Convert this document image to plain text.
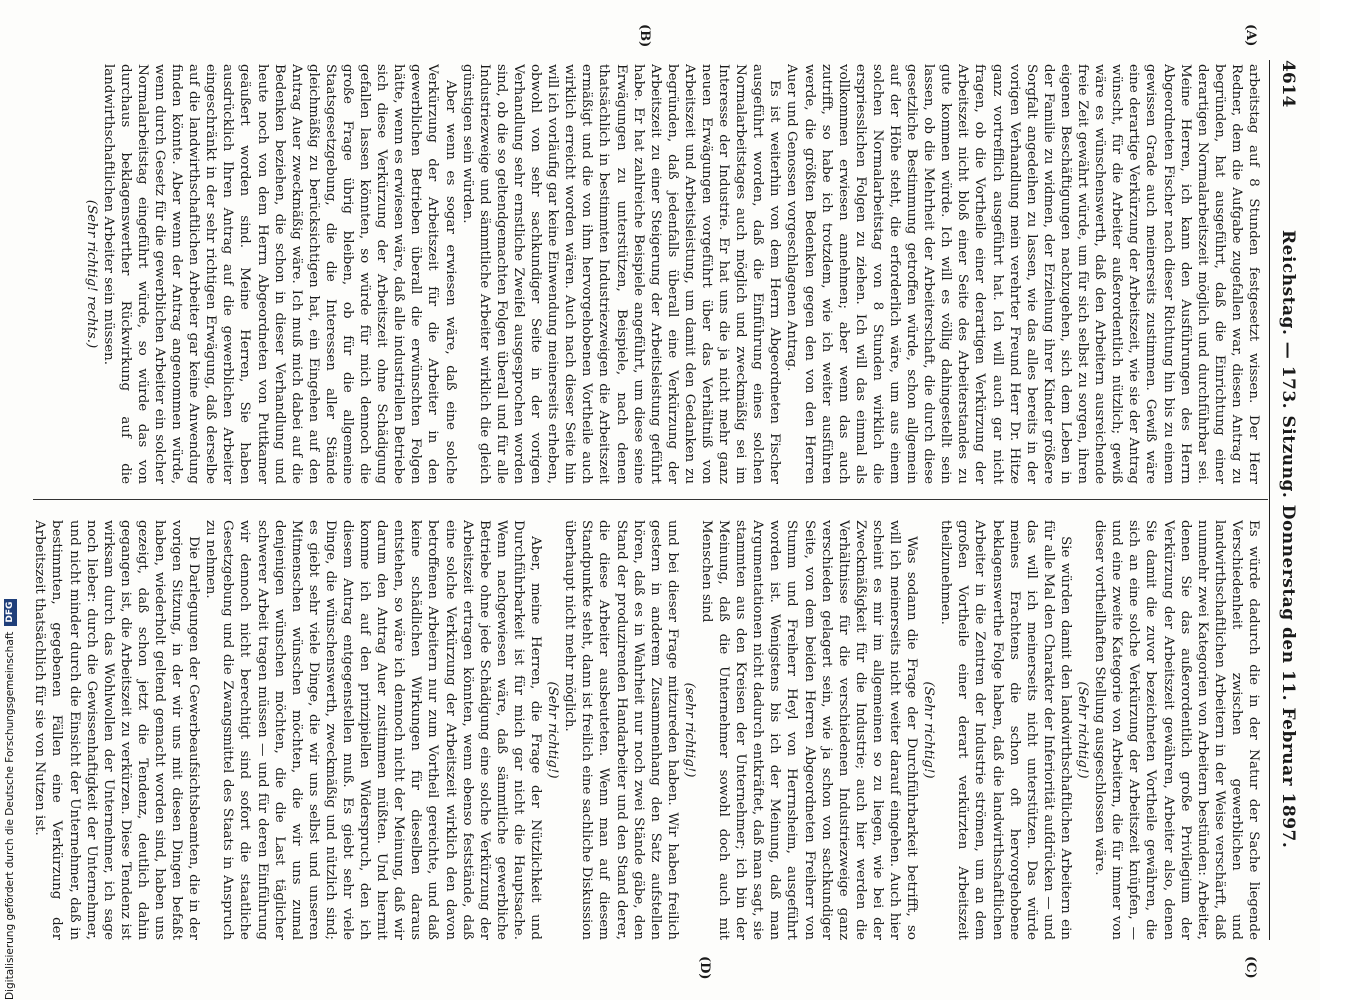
4614
Reichstag. — 173. Sitzung. Donnerstag den 11. Februar 1897.
(A)
(B)
(C)
(D)

arbeitstag auf 8 Stunden festgesetzt wissen. Der Herr Redner, dem die Aufgabe zugefallen war, diesen Antrag zu begründen, hat ausgeführt, daß die Einrichtung einer derartigen Normalarbeitszeit möglich und durchführbar sei. Meine Herren, ich kann den Ausführungen des Herrn Abgeordneten Fischer nach dieser Richtung hin bis zu einem gewissen Grade auch meinerseits zustimmen. Gewiß wäre eine derartige Verkürzung der Arbeitszeit, wie sie der Antrag wünscht, für die Arbeiter außerordentlich nützlich; gewiß wäre es wünschenswerth, daß den Arbeitern ausreichende freie Zeit gewährt würde, um für sich selbst zu sorgen, ihren eigenen Beschäftigungen nachzugehen, sich dem Leben in der Familie zu widmen, der Erziehung ihrer Kinder größere Sorgfalt angedeihen zu lassen, wie das alles bereits in der vorigen Verhandlung mein verehrter Freund Herr Dr. Hitze ganz vortrefflich ausgeführt hat. Ich will auch gar nicht fragen, ob die Vortheile einer derartigen Verkürzung der Arbeitszeit nicht bloß einer Seite des Arbeiterstandes zu gute kommen würde. Ich will es völlig dahingestellt sein lassen, ob die Mehrheit der Arbeiterschaft, die durch diese gesetzliche Bestimmung getroffen würde, schon allgemein auf der Höhe steht, die erforderlich wäre, um aus einem solchen Normalarbeitstag von 8 Stunden wirklich die erspriesslichen Folgen zu ziehen. Ich will das einmal als vollkommen erwiesen annehmen; aber wenn das auch zutrifft, so habe ich trotzdem, wie ich weiter ausführen werde, die größten Bedenken gegen den von den Herren Auer und Genossen vorgeschlagenen Antrag.

Es ist weiterhin von dem Herrn Abgeordneten Fischer ausgeführt worden, daß die Einführung eines solchen Normalarbeitstages auch möglich und zweckmäßig sei im Interesse der Industrie. Er hat uns die ja nicht mehr ganz neuen Erwägungen vorgeführt über das Verhältniß von Arbeitszeit und Arbeitsleistung, um damit den Gedanken zu begründen, daß jedenfalls überall eine Verkürzung der Arbeitszeit zu einer Steigerung der Arbeitsleistung geführt habe. Er hat zahlreiche Beispiele angeführt, um diese seine Erwägungen zu unterstützen, Beispiele, nach denen thatsächlich in bestimmten Industriezweigen die Arbeitszeit ermäßigt und die von ihm hervorgehobenen Vortheile auch wirklich erreicht worden wären. Auch nach dieser Seite hin will ich vorläufig gar keine Einwendung meinerseits erheben, obwohl von sehr sachkundiger Seite in der vorigen Verhandlung sehr ernstliche Zweifel ausgesprochen worden sind, ob die so geltendgemachten Folgen überall und für alle Industriezweige und sämmtliche Arbeiter wirklich die gleich günstigen sein würden.

Aber wenn es sogar erwiesen wäre, daß eine solche Verkürzung der Arbeitszeit für die Arbeiter in den gewerblichen Betrieben überall die erwünschten Folgen hätte, wenn es erwiesen wäre, daß alle industriellen Betriebe sich diese Verkürzung der Arbeitszeit ohne Schädigung gefallen lassen könnten, so würde für mich dennoch die große Frage übrig bleiben, ob für die allgemeine Staatsgesetzgebung, die die Interessen aller Stände gleichmäßig zu berücksichtigen hat, ein Eingehen auf den Antrag Auer zweckmäßig wäre. Ich muß mich dabei auf die Bedenken beziehen, die schon in dieser Verhandlung und heute noch von dem Herrn Abgeordneten von Puttkamer geäußert worden sind. Meine Herren, Sie haben ausdrücklich Ihren Antrag auf die gewerblichen Arbeiter eingeschränkt in der sehr richtigen Erwägung, daß derselbe auf die landwirthschaftlichen Arbeiter gar keine Anwendung finden könnte. Aber wenn der Antrag angenommen würde, wenn durch Gesetz für die gewerblichen Arbeiter ein solcher Normalarbeitstag eingeführt würde, so würde das von durchaus beklagenswerther Rückwirkung auf die landwirthschaftlichen Arbeiter sein müssen.

(Sehr richtig! rechts.)

Es würde dadurch die in der Natur der Sache liegende Verschiedenheit zwischen gewerblichen und landwirthschaftlichen Arbeitern in der Weise verschärft, daß nunmehr zwei Kategorien von Arbeitern bestünden: Arbeiter, denen Sie das außerordentlich große Privilegium der Verkürzung der Arbeitszeit gewähren, Arbeiter also, denen Sie damit die zuvor bezeichneten Vortheile gewähren, die sich an eine solche Verkürzung der Arbeitszeit knüpfen, — und eine zweite Kategorie von Arbeitern, die für immer von dieser vortheilhaften Stellung ausgeschlossen wäre.

(Sehr richtig!)

Sie würden damit den landwirthschaftlichen Arbeitern ein für alle Mal den Charakter der Inferiorität aufdrücken — und das will ich meinerseits nicht unterstützen. Das würde meines Erachtens die schon oft hervorgehobene beklagenswerthe Folge haben, daß die landwirthschaftlichen Arbeiter in die Zentren der Industrie strömen, um an dem großen Vortheile einer derart verkürzten Arbeitszeit theilzunehmen.

(Sehr richtig!)

Was sodann die Frage der Durchführbarkeit betrifft, so will ich meinerseits nicht weiter darauf eingehen. Auch hier scheint es mir im allgemeinen so zu liegen, wie bei der Zweckmäßigkeit für die Industrie; auch hier werden die Verhältnisse für die verschiedenen Industriezweige ganz verschieden gelagert sein, wie ja schon von sachkundiger Seite, von dem beiden Herren Abgeordneten Freiherr von Stumm und Freiherr Heyl von Herrnsheim, ausgeführt worden ist. Wenigstens bis ich der Meinung, daß man Argumentationen nicht dadurch entkräftet, daß man sagt, sie stammten aus den Kreisen der Unternehmer; ich bin der Meinung, daß die Unternehmer sowohl doch auch mit Menschen sind

(sehr richtig!)

und bei dieser Frage mitzureden haben. Wir haben freilich gestern in anderem Zusammenhang den Satz aufstellen hören, daß es in Wahrheit nur noch zwei Stände gäbe, den Stand der produzirenden Handarbeiter und den Stand derer, die diese Arbeiter ausbeuteten. Wenn man auf diesem Standpunkte steht, dann ist freilich eine sachliche Diskussion überhaupt nicht mehr möglich.

(Sehr richtig!)

Aber, meine Herren, die Frage der Nützlichkeit und Durchführbarkeit ist für mich gar nicht die Hauptsache. Wenn nachgewiesen wäre, daß sämmtliche gewerbliche Betriebe ohne jede Schädigung eine solche Verkürzung der Arbeitszeit ertragen könnten, wenn ebenso feststände, daß eine solche Verkürzung der Arbeitszeit wirklich den davon betroffenen Arbeitern nur zum Vortheil gereichte, und daß keine schädlichen Wirkungen für dieselben daraus entstehen, so wäre ich dennoch nicht der Meinung, daß wir darum den Antrag Auer zustimmen müßten. Und hiermit komme ich auf den prinzipiellen Widerspruch, den ich diesem Antrag entgegenstellen muß. Es giebt sehr viele Dinge, die wünschenswerth, zweckmäßig und nützlich sind; es giebt sehr viele Dinge, die wir uns selbst und unseren Mitmenschen wünschen möchten, die wir uns zumal denjenigen wünschen möchten, die die Last täglicher schwerer Arbeit tragen müssen — und für deren Einführung wir dennoch nicht berechtigt sind sofort die staatliche Gesetzgebung und die Zwangsmittel des Staats in Anspruch zu nehmen.

Die Darlegungen der Gewerbeaufsichtsbeamten, die in der vorigen Sitzung, in der wir uns mit diesen Dingen befaßt haben, wiederholt geltend gemacht worden sind, haben uns gezeigt, daß schon jetzt die Tendenz, deutlich dahin gegangen ist, die Arbeitszeit zu verkürzen. Diese Tendenz ist wirksam durch das Wohlwollen der Unternehmer, ich sage noch lieber: durch die Gewissenhaftigkeit der Unternehmer, und nicht minder durch die Einsicht der Unternehmer, daß in bestimmten, gegebenen Fällen eine Verkürzung der Arbeitszeit thatsächlich für sie von Nutzen ist.

Digitalisierung gefördert durch die Deutsche Forschungsgemeinschaft
DFG
